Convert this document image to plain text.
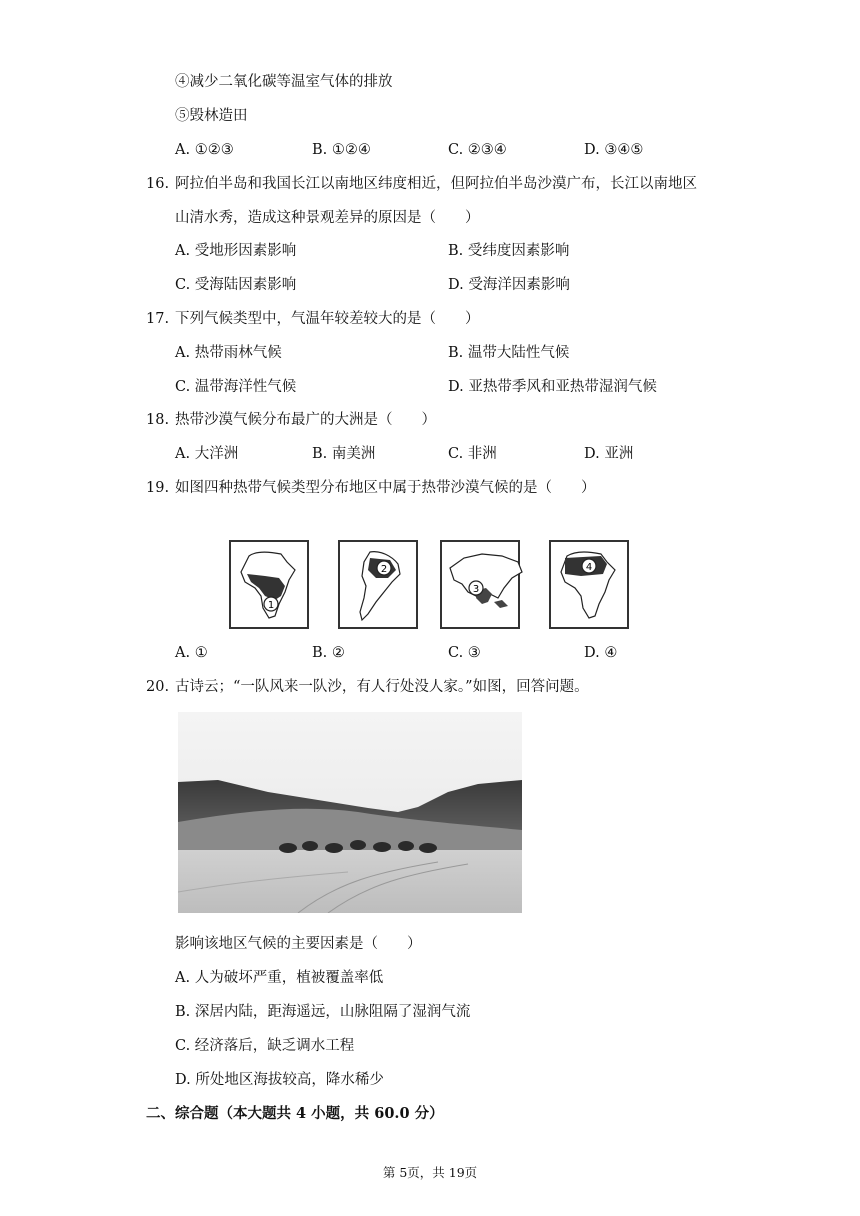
④减少二氧化碳等温室气体的排放
⑤毁林造田
A. ①②③	B. ①②④	C. ②③④	D. ③④⑤
16. 阿拉伯半岛和我国长江以南地区纬度相近，但阿拉伯半岛沙漠广布，长江以南地区
山清水秀，造成这种景观差异的原因是（　　）
A. 受地形因素影响	B. 受纬度因素影响
C. 受海陆因素影响	D. 受海洋因素影响
17. 下列气候类型中，气温年较差较大的是（　　）
A. 热带雨林气候	B. 温带大陆性气候
C. 温带海洋性气候	D. 亚热带季风和亚热带湿润气候
18. 热带沙漠气候分布最广的大洲是（　　）
A. 大洋洲	B. 南美洲	C. 非洲	D. 亚洲
19. 如图四种热带气候类型分布地区中属于热带沙漠气候的是（　　）
1
2
3
4
A. ①	B. ②	C. ③	D. ④
20. 古诗云；“一队风来一队沙，有人行处没人家。”如图，回答问题。
影响该地区气候的主要因素是（　　）
A. 人为破坏严重，植被覆盖率低
B. 深居内陆，距海遥远，山脉阻隔了湿润气流
C. 经济落后，缺乏调水工程
D. 所处地区海拔较高，降水稀少
二、综合题（本大题共 4 小题，共 60.0 分）
第 5页，共 19页
